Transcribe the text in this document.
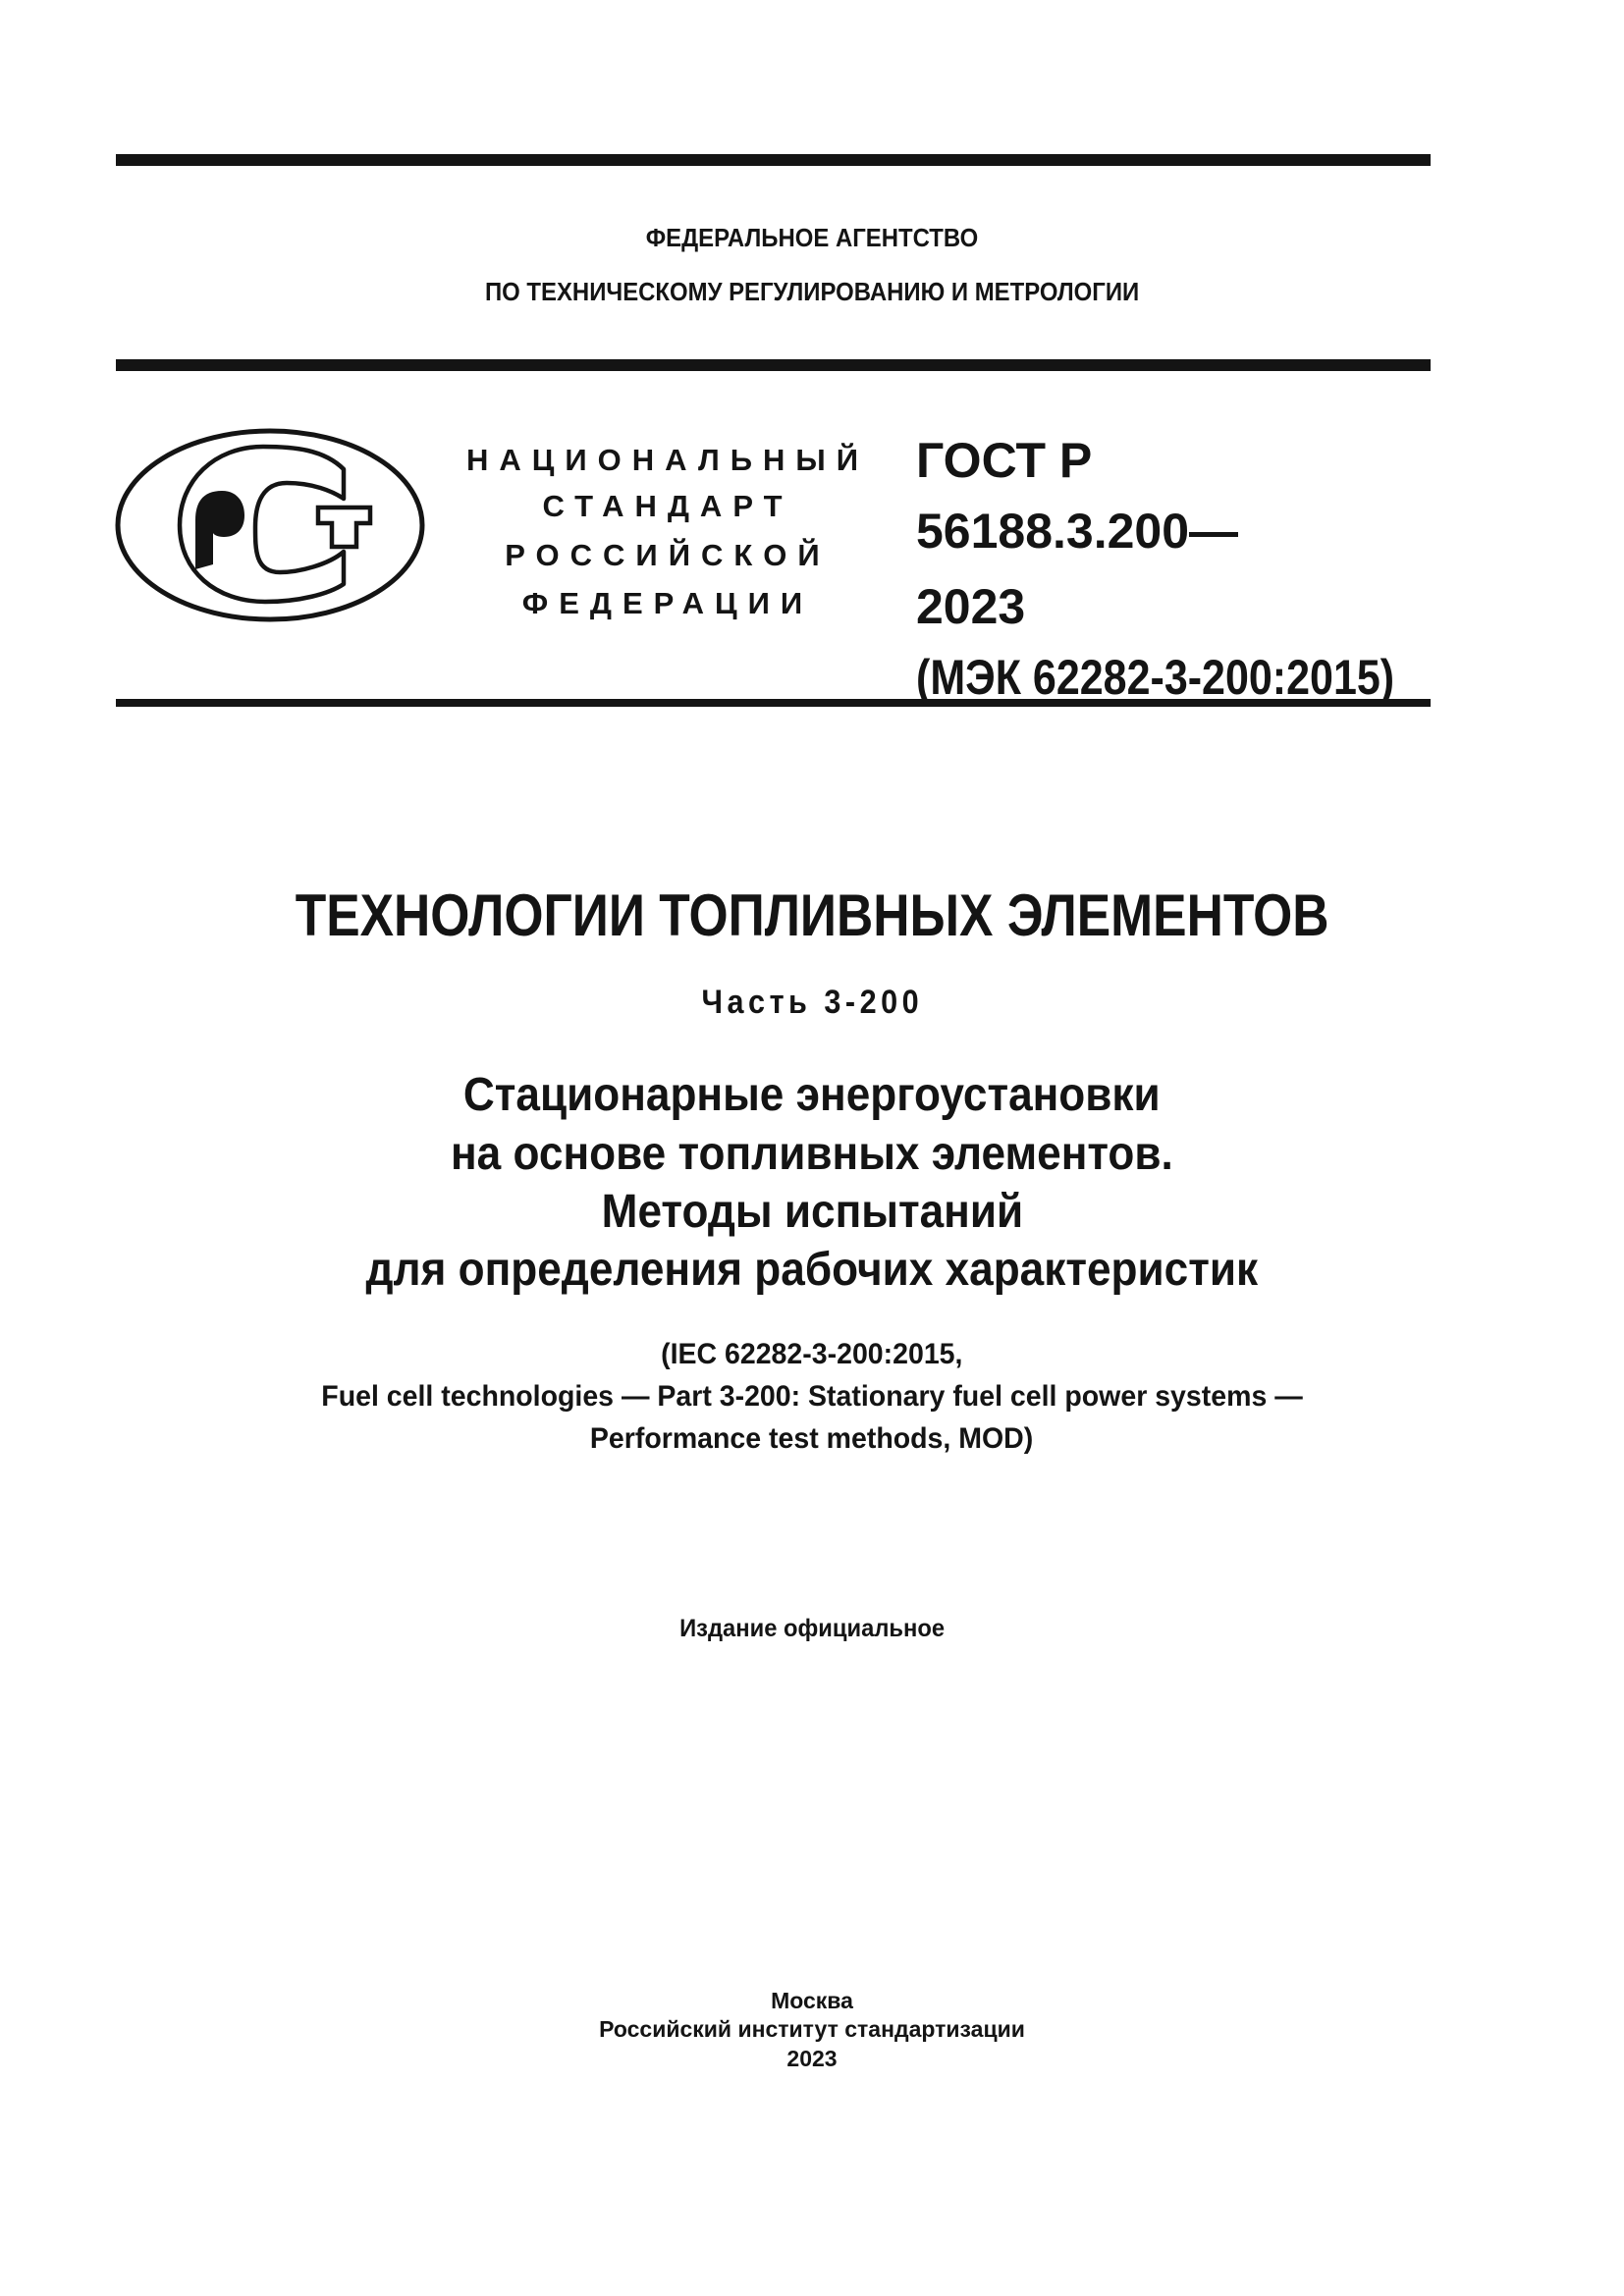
ФЕДЕРАЛЬНОЕ АГЕНТСТВО
ПО ТЕХНИЧЕСКОМУ РЕГУЛИРОВАНИЮ И МЕТРОЛОГИИ
НАЦИОНАЛЬНЫЙ
СТАНДАРТ
РОССИЙСКОЙ
ФЕДЕРАЦИИ
ГОСТ Р
56188.3.200—
2023
(МЭК 62282-3-200:2015)
ТЕХНОЛОГИИ ТОПЛИВНЫХ ЭЛЕМЕНТОВ
Часть 3-200
Стационарные энергоустановки
на основе топливных элементов.
Методы испытаний
для определения рабочих характеристик
(IEC 62282-3-200:2015,
Fuel cell technologies — Part 3-200: Stationary fuel cell power systems —
Performance test methods, MOD)
Издание официальное
Москва
Российский институт стандартизации
2023
